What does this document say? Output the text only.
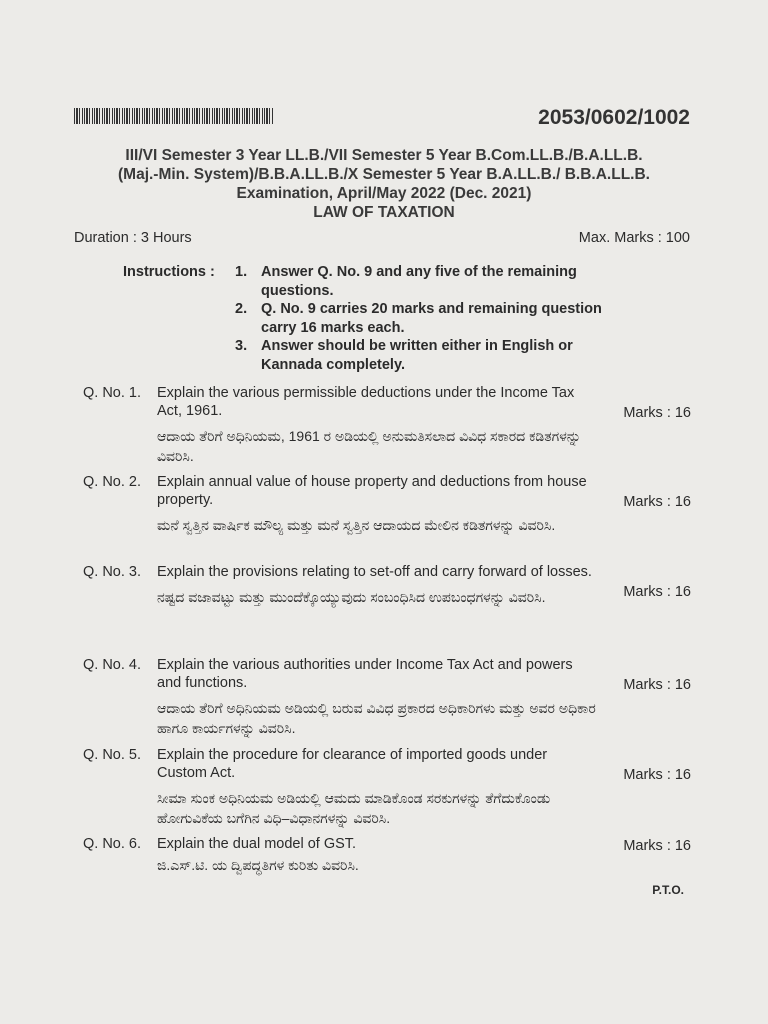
2053/0602/1002
III/VI Semester 3 Year LL.B./VII Semester 5 Year B.Com.LL.B./B.A.LL.B.
(Maj.-Min. System)/B.B.A.LL.B./X Semester 5 Year B.A.LL.B./ B.B.A.LL.B.
Examination, April/May 2022 (Dec. 2021)
LAW OF TAXATION
Duration : 3 Hours	Max. Marks : 100
Instructions : 1. Answer Q. No. 9 and any five of the remaining questions.
2. Q. No. 9 carries 20 marks and remaining question carry 16 marks each.
3. Answer should be written either in English or Kannada completely.
Q. No. 1.
Marks : 16
Explain the various permissible deductions under the Income Tax Act, 1961.
ಆದಾಯ ತೆರಿಗೆ ಅಧಿನಿಯಮ, 1961 ರ ಅಡಿಯಲ್ಲಿ ಅನುಮತಿಸಲಾದ ವಿವಿಧ ಸಕಾರದ ಕಡಿತಗಳನ್ನು ವಿವರಿಸಿ.
Q. No. 2.
Marks : 16
Explain annual value of house property and deductions from house property.
ಮನೆ ಸ್ವತ್ತಿನ ವಾರ್ಷಿಕ ಮೌಲ್ಯ ಮತ್ತು ಮನೆ ಸ್ವತ್ತಿನ ಆದಾಯದ ಮೇಲಿನ ಕಡಿತಗಳನ್ನು ವಿವರಿಸಿ.
Q. No. 3.
Marks : 16
Explain the provisions relating to set-off and carry forward of losses.
ನಷ್ಟದ ವಜಾವಟ್ಟು ಮತ್ತು ಮುಂದೆಕ್ಕೊಯ್ಯುವುದು ಸಂಬಂಧಿಸಿದ ಉಪಬಂಧಗಳನ್ನು ವಿವರಿಸಿ.
Q. No. 4.
Marks : 16
Explain the various authorities under Income Tax Act and powers and functions.
ಆದಾಯ ತೆರಿಗೆ ಅಧಿನಿಯಮ ಅಡಿಯಲ್ಲಿ ಬರುವ ವಿವಿಧ ಪ್ರಕಾರದ ಅಧಿಕಾರಿಗಳು ಮತ್ತು ಅವರ ಅಧಿಕಾರ ಹಾಗೂ ಕಾರ್ಯಗಳನ್ನು ವಿವರಿಸಿ.
Q. No. 5.
Marks : 16
Explain the procedure for clearance of imported goods under Custom Act.
ಸೀಮಾ ಸುಂಕ ಅಧಿನಿಯಮ ಅಡಿಯಲ್ಲಿ ಆಮದು ಮಾಡಿಕೊಂಡ ಸರಕುಗಳನ್ನು ತೆಗೆದುಕೊಂಡು ಹೋಗುವಿಕೆಯ ಬಗೆಗಿನ ವಿಧಿ–ವಿಧಾನಗಳನ್ನು ವಿವರಿಸಿ.
Q. No. 6.	Marks : 16
Explain the dual model of GST.
ಜಿ.ಎಸ್.ಟಿ. ಯ ದ್ವಿಪದ್ಧತಿಗಳ ಕುರಿತು ವಿವರಿಸಿ.
P.T.O.
